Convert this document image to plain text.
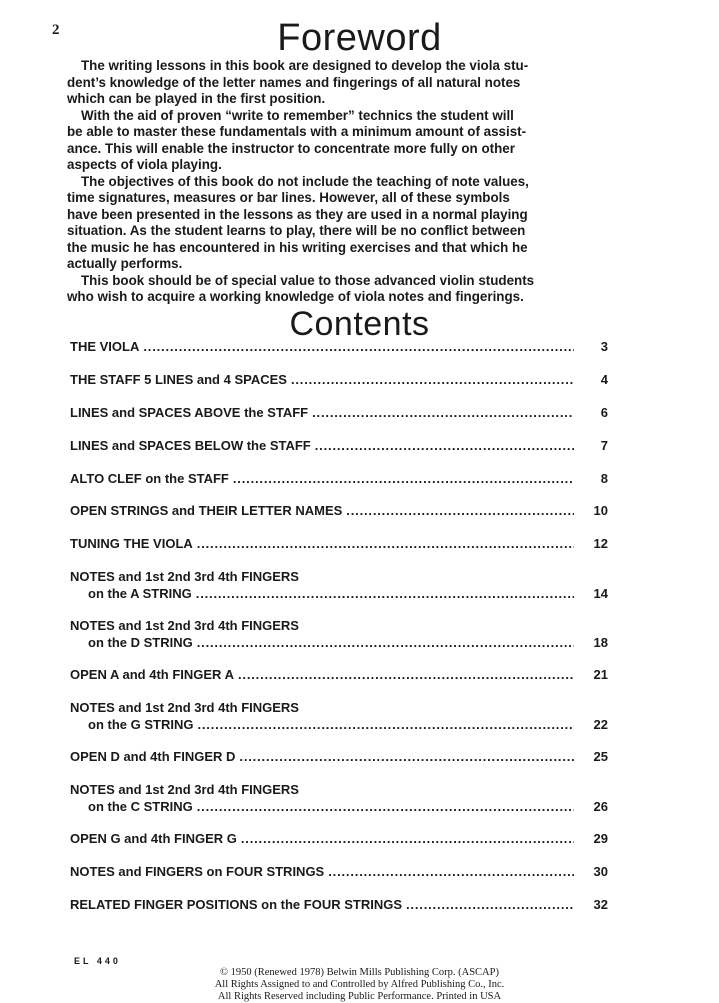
2	Foreword

The writing lessons in this book are designed to develop the viola stu-
dent’s knowledge of the letter names and fingerings of all natural notes
which can be played in the first position.

With the aid of proven “write to remember” technics the student will
be able to master these fundamentals with a minimum amount of assist-
ance. This will enable the instructor to concentrate more fully on other
aspects of viola playing.

The objectives of this book do not include the teaching of note values,
time signatures, measures or bar lines. However, all of these symbols
have been presented in the lessons as they are used in a normal playing
situation. As the student learns to play, there will be no conflict between
the music he has encountered in his writing exercises and that which he
actually performs.

This book should be of special value to those advanced violin students
who wish to acquire a working knowledge of viola notes and fingerings.

Contents
THE VIOLA . . .	3
THE STAFF 5 LINES and 4 SPACES . . .	4
LINES and SPACES ABOVE the STAFF . . .	6
LINES and SPACES BELOW the STAFF . . .	7
ALTO CLEF on the STAFF . . .	8
OPEN STRINGS and THEIR LETTER NAMES . . .	10
TUNING THE VIOLA . . .	12
NOTES and 1st 2nd 3rd 4th FINGERS
on the A STRING . . .	14
NOTES and 1st 2nd 3rd 4th FINGERS
on the D STRING . . .	18
OPEN A and 4th FINGER A . . .	21
NOTES and 1st 2nd 3rd 4th FINGERS
on the G STRING . . .	22
OPEN D and 4th FINGER D . . .	25
NOTES and 1st 2nd 3rd 4th FINGERS
on the C STRING . . .	26
OPEN G and 4th FINGER G . . .	29
NOTES and FINGERS on FOUR STRINGS . . .	30
RELATED FINGER POSITIONS on the FOUR STRINGS . . .	32
EL 440
© 1950 (Renewed 1978) Belwin Mills Publishing Corp. (ASCAP)
All Rights Assigned to and Controlled by Alfred Publishing Co., Inc.
All Rights Reserved including Public Performance. Printed in USA
